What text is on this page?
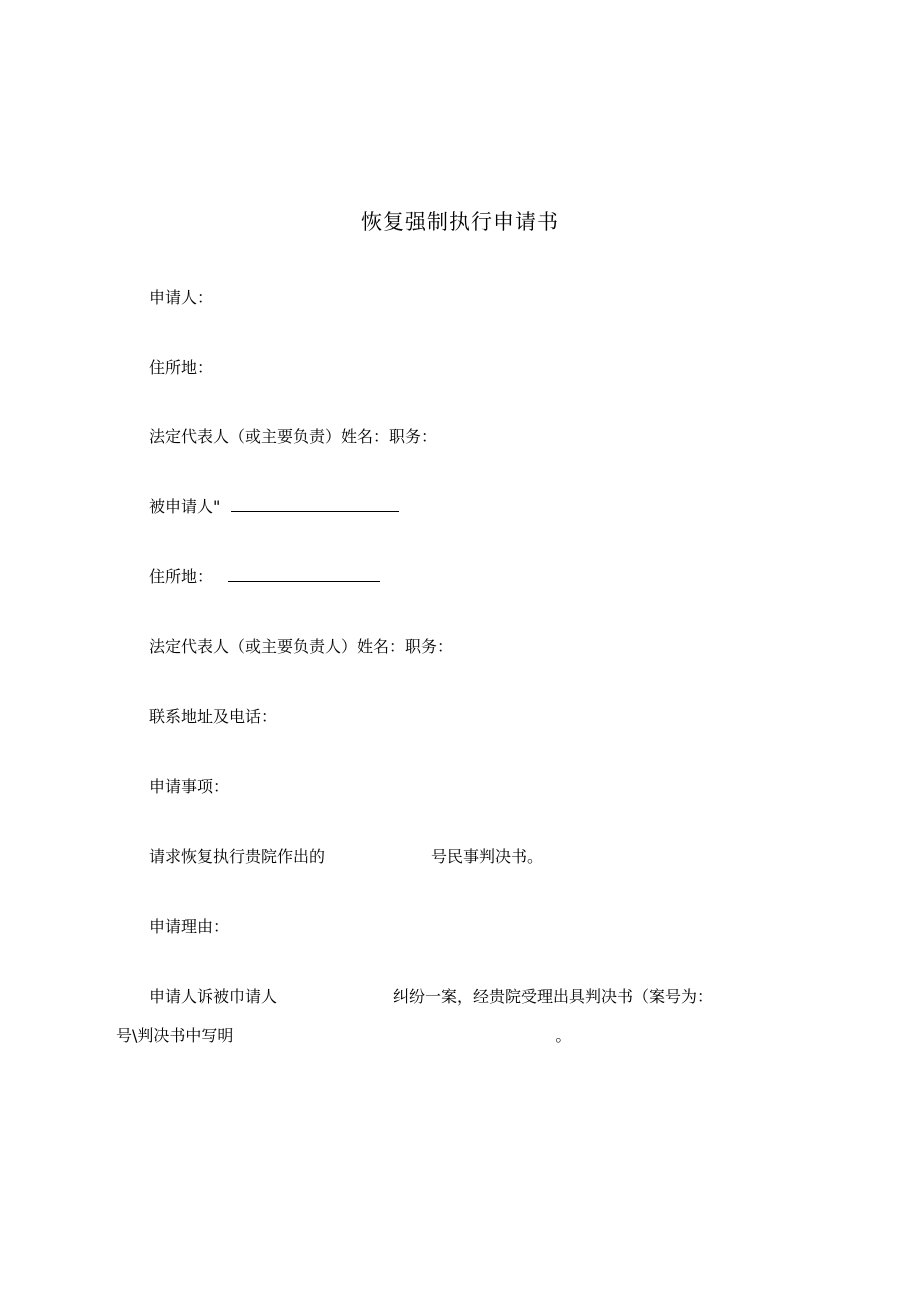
恢复强制执行申请书
申请人：
住所地：
法定代表人（或主要负责）姓名：职务：
被申请人"
住所地：
法定代表人（或主要负责人）姓名：职务：
联系地址及电话：
申请事项：
请求恢复执行贵院作出的	号民事判决书。
申请理由：
申请人诉被巾请人	纠纷一案，经贵院受理出具判决书（案号为：
号\判决书中写明	。
